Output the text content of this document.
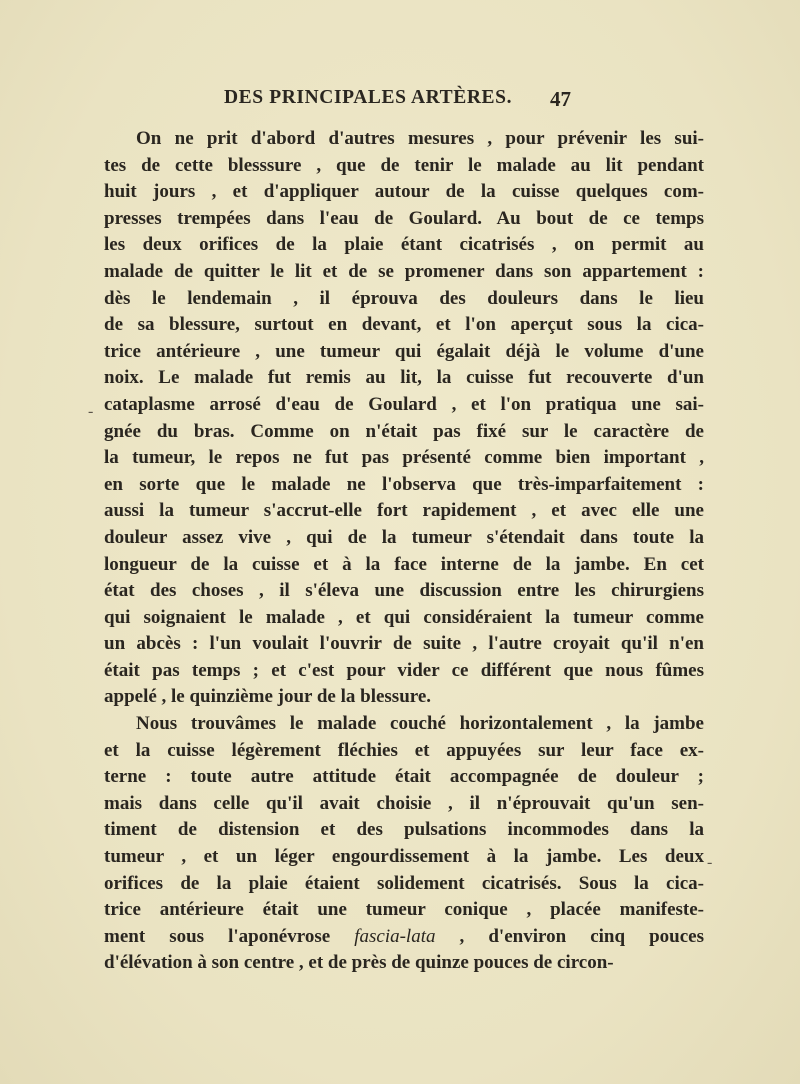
DES PRINCIPALES ARTÈRES. 47
-
-

On ne prit d'abord d'autres mesures , pour prévenir les sui-
tes de cette blesssure , que de tenir le malade au lit pendant
huit jours , et d'appliquer autour de la cuisse quelques com-
presses trempées dans l'eau de Goulard. Au bout de ce temps
les deux orifices de la plaie étant cicatrisés , on permit au
malade de quitter le lit et de se promener dans son appartement :
dès le lendemain , il éprouva des douleurs dans le lieu
de sa blessure, surtout en devant, et l'on aperçut sous la cica-
trice antérieure , une tumeur qui égalait déjà le volume d'une
noix. Le malade fut remis au lit, la cuisse fut recouverte d'un
cataplasme arrosé d'eau de Goulard , et l'on pratiqua une sai-
gnée du bras. Comme on n'était pas fixé sur le caractère de
la tumeur, le repos ne fut pas présenté comme bien important ,
en sorte que le malade ne l'observa que très-imparfaitement :
aussi la tumeur s'accrut-elle fort rapidement , et avec elle une
douleur assez vive , qui de la tumeur s'étendait dans toute la
longueur de la cuisse et à la face interne de la jambe. En cet
état des choses , il s'éleva une discussion entre les chirurgiens
qui soignaient le malade , et qui considéraient la tumeur comme
un abcès : l'un voulait l'ouvrir de suite , l'autre croyait qu'il n'en
était pas temps ; et c'est pour vider ce différent que nous fûmes
appelé , le quinzième jour de la blessure.

Nous trouvâmes le malade couché horizontalement , la jambe
et la cuisse légèrement fléchies et appuyées sur leur face ex-
terne : toute autre attitude était accompagnée de douleur ;
mais dans celle qu'il avait choisie , il n'éprouvait qu'un sen-
timent de distension et des pulsations incommodes dans la
tumeur , et un léger engourdissement à la jambe. Les deux
orifices de la plaie étaient solidement cicatrisés. Sous la cica-
trice antérieure était une tumeur conique , placée manifeste-
ment sous l'aponévrose fascia-lata , d'environ cinq pouces
d'élévation à son centre , et de près de quinze pouces de circon-
